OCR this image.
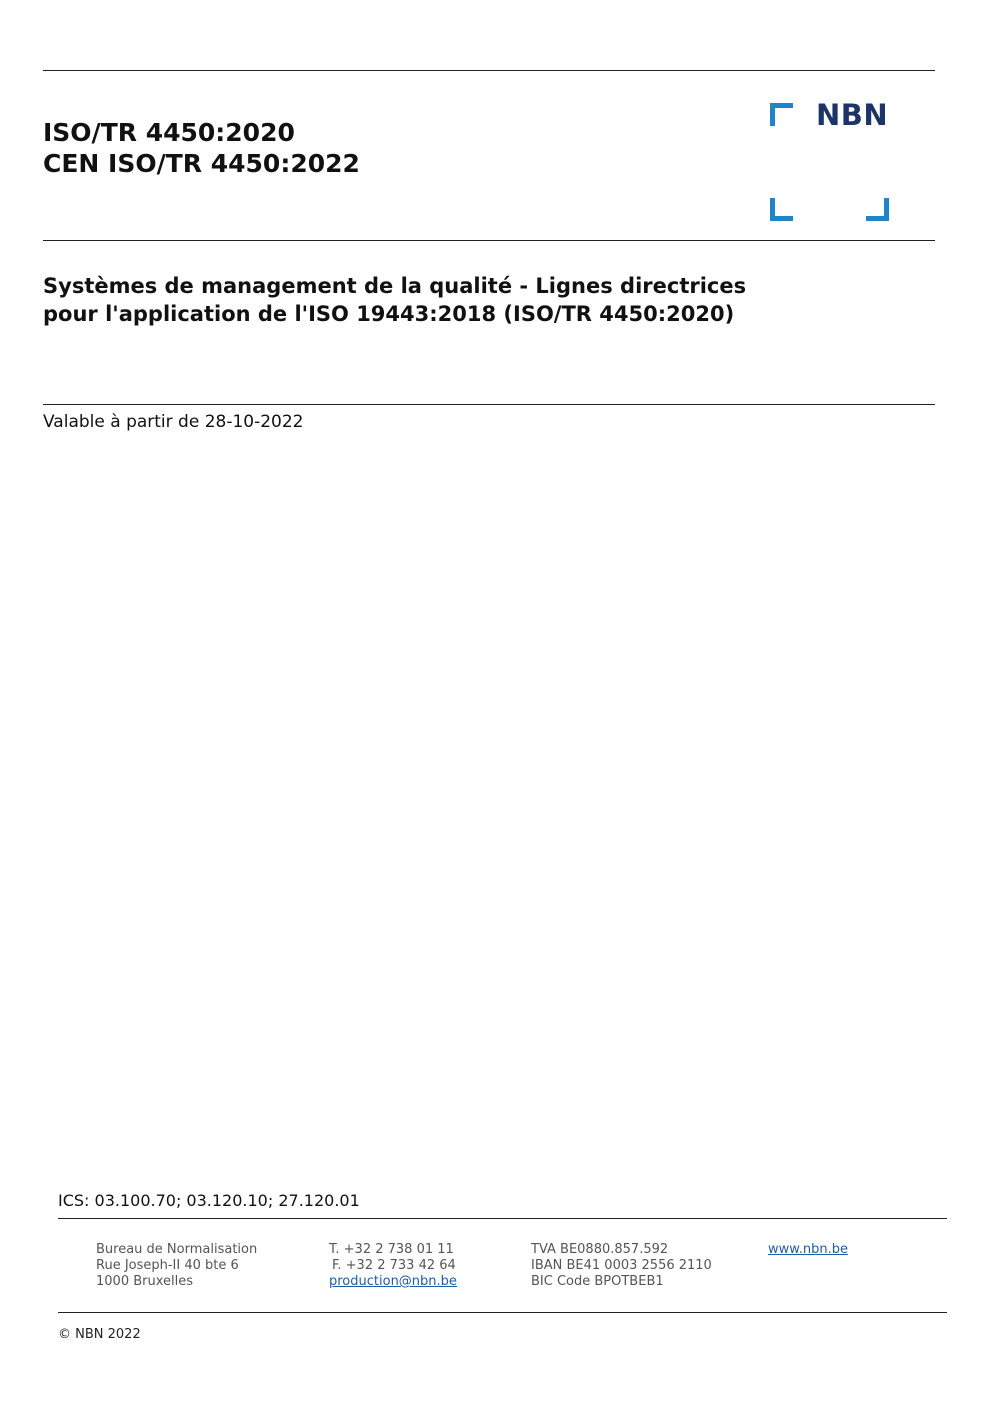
ISO/TR 4450:2020
CEN ISO/TR 4450:2022
NBN
Systèmes de management de la qualité - Lignes directrices
pour l'application de l'ISO 19443:2018 (ISO/TR 4450:2020)
Valable à partir de 28-10-2022
ICS: 03.100.70; 03.120.10; 27.120.01
Bureau de Normalisation
Rue Joseph-II 40 bte 6
1000 Bruxelles
T. +32 2 738 01 11
F. +32 2 733 42 64
production@nbn.be
TVA BE0880.857.592
IBAN BE41 0003 2556 2110
BIC Code BPOTBEB1
www.nbn.be
© NBN 2022
